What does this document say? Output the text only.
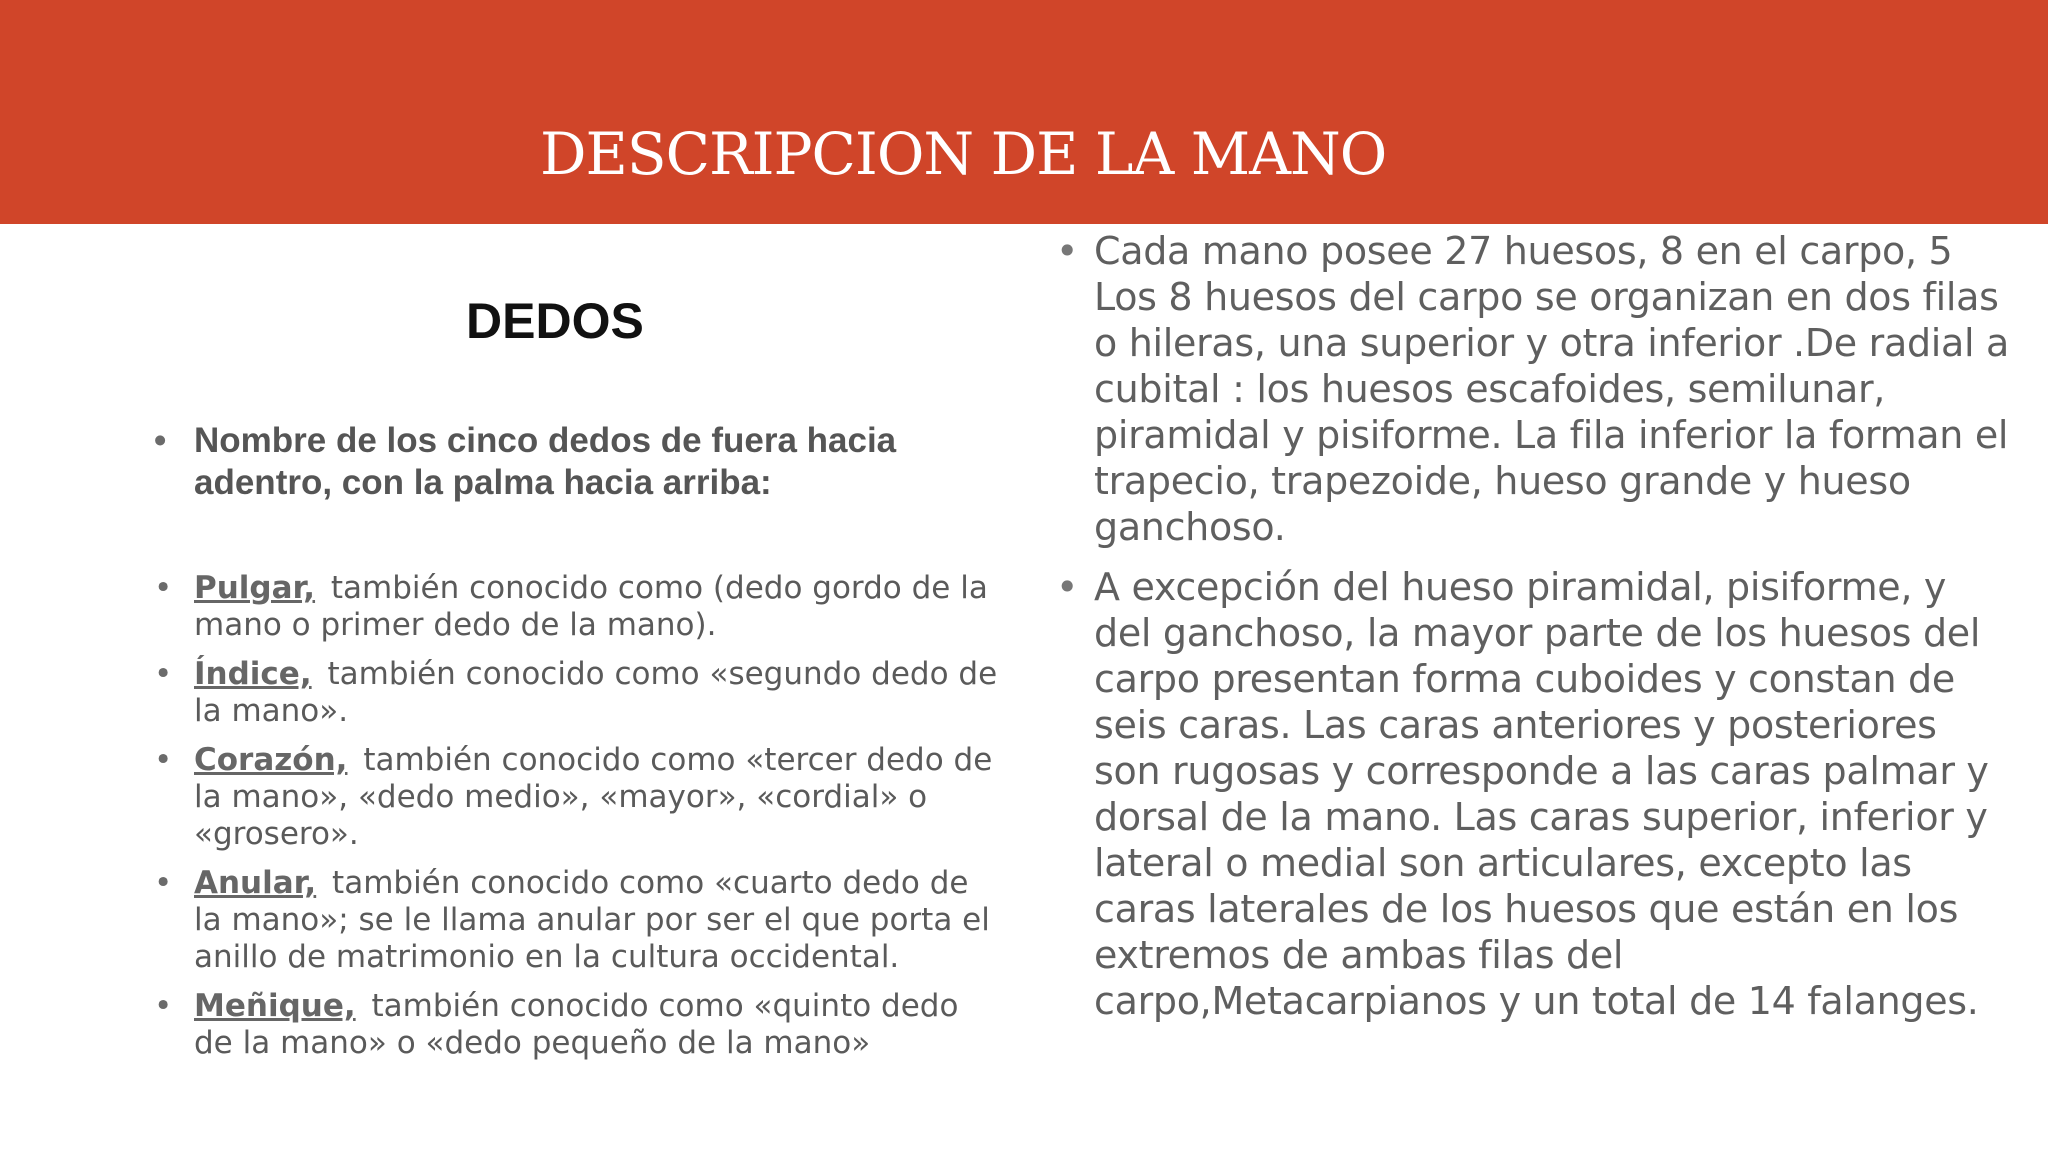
DESCRIPCION DE LA MANO
DEDOS
• Nombre de los cinco dedos de fuera hacia adentro, con la palma hacia arriba:
• Pulgar, también conocido como (dedo gordo de la mano o primer dedo de la mano).
• Índice, también conocido como «segundo dedo de la mano».
• Corazón, también conocido como «tercer dedo de la mano», «dedo medio», «mayor», «cordial» o «grosero».
• Anular, también conocido como «cuarto dedo de la mano»; se le llama anular por ser el que porta el anillo de matrimonio en la cultura occidental.
• Meñique, también conocido como «quinto dedo de la mano» o «dedo pequeño de la mano»
• Cada mano posee 27 huesos, 8 en el carpo, 5 Los 8 huesos del carpo se organizan en dos filas o hileras, una superior y otra inferior .De radial a cubital : los huesos escafoides, semilunar, piramidal y pisiforme. La fila inferior la forman el trapecio, trapezoide, hueso grande y hueso ganchoso.
• A excepción del hueso piramidal, pisiforme, y del ganchoso, la mayor parte de los huesos del carpo presentan forma cuboides y constan de seis caras. Las caras anteriores y posteriores son rugosas y corresponde a las caras palmar y dorsal de la mano. Las caras superior, inferior y lateral o medial son articulares, excepto las caras laterales de los huesos que están en los extremos de ambas filas del carpo,Metacarpianos y un total de 14 falanges.
